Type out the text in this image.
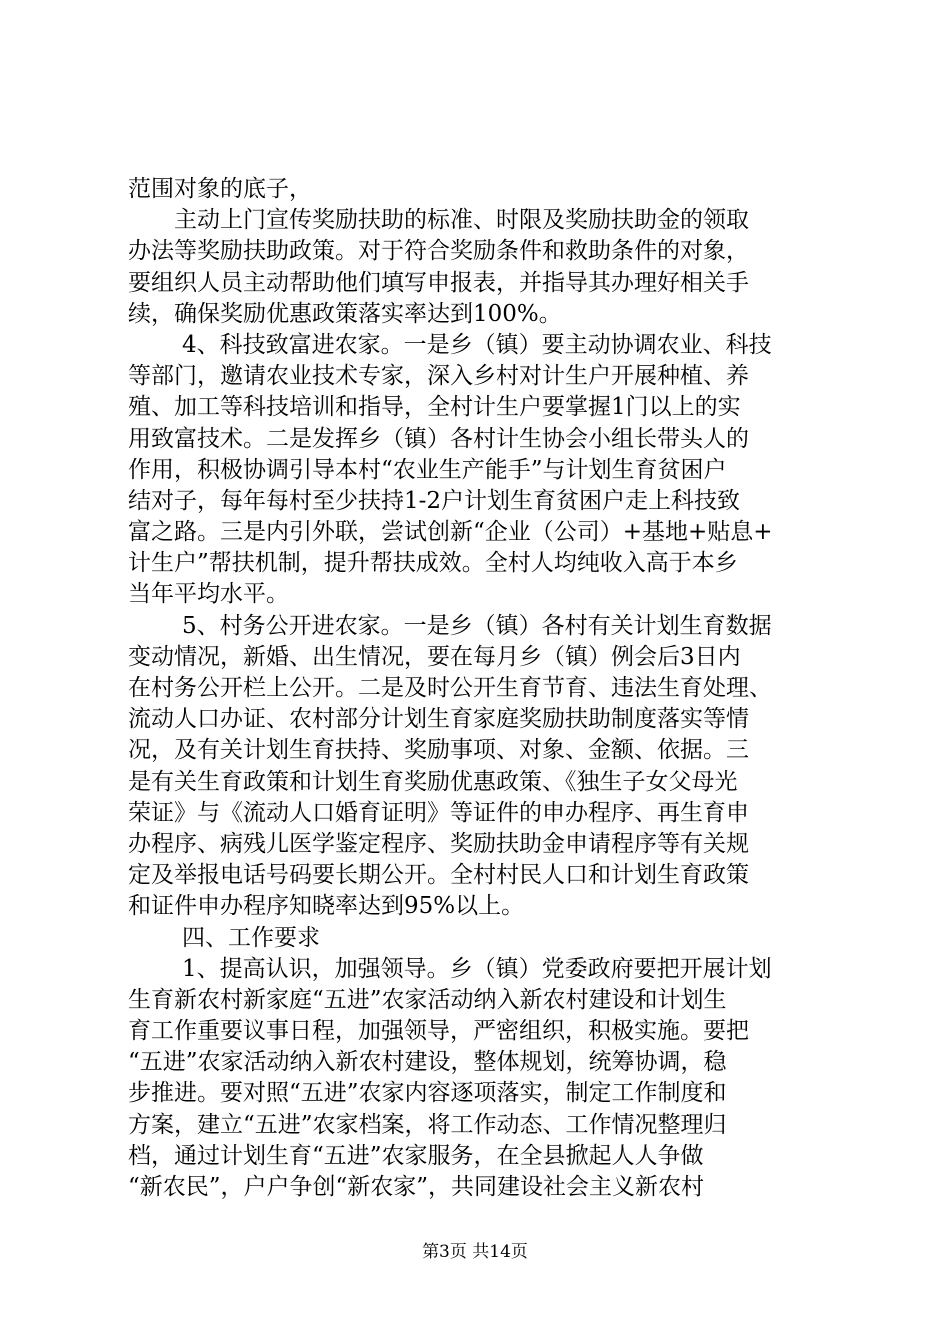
范围对象的底子，
主动上门宣传奖励扶助的标准、时限及奖励扶助金的领取
办法等奖励扶助政策。对于符合奖励条件和救助条件的对象，
要组织人员主动帮助他们填写申报表，并指导其办理好相关手
续，确保奖励优惠政策落实率达到100%。
4、科技致富进农家。一是乡（镇）要主动协调农业、科技
等部门，邀请农业技术专家，深入乡村对计生户开展种植、养
殖、加工等科技培训和指导，全村计生户要掌握1门以上的实
用致富技术。二是发挥乡（镇）各村计生协会小组长带头人的
作用，积极协调引导本村“农业生产能手”与计划生育贫困户
结对子，每年每村至少扶持1-2户计划生育贫困户走上科技致
富之路。三是内引外联，尝试创新“企业（公司）+基地+贴息+
计生户”帮扶机制，提升帮扶成效。全村人均纯收入高于本乡
当年平均水平。
5、村务公开进农家。一是乡（镇）各村有关计划生育数据
变动情况，新婚、出生情况，要在每月乡（镇）例会后3日内
在村务公开栏上公开。二是及时公开生育节育、违法生育处理、
流动人口办证、农村部分计划生育家庭奖励扶助制度落实等情
况，及有关计划生育扶持、奖励事项、对象、金额、依据。三
是有关生育政策和计划生育奖励优惠政策、《独生子女父母光
荣证》与《流动人口婚育证明》等证件的申办程序、再生育申
办程序、病残儿医学鉴定程序、奖励扶助金申请程序等有关规
定及举报电话号码要长期公开。全村村民人口和计划生育政策
和证件申办程序知晓率达到95%以上。
四、工作要求
1、提高认识，加强领导。乡（镇）党委政府要把开展计划
生育新农村新家庭“五进”农家活动纳入新农村建设和计划生
育工作重要议事日程，加强领导，严密组织，积极实施。要把
“五进”农家活动纳入新农村建设，整体规划，统筹协调，稳
步推进。要对照“五进”农家内容逐项落实，制定工作制度和
方案，建立“五进”农家档案，将工作动态、工作情况整理归
档，通过计划生育“五进”农家服务，在全县掀起人人争做
“新农民”，户户争创“新农家”，共同建设社会主义新农村
第3页 共14页
